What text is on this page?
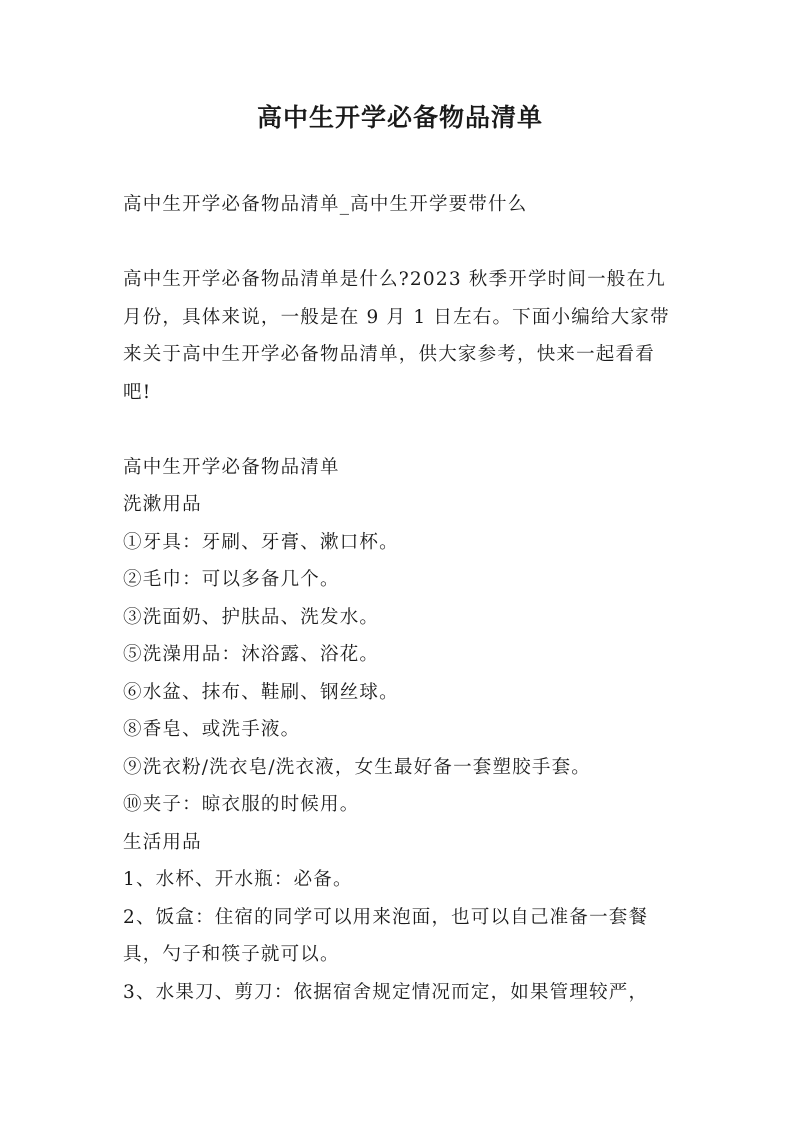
高中生开学必备物品清单

高中生开学必备物品清单_高中生开学要带什么

高中生开学必备物品清单是什么?2023 秋季开学时间一般在九月份，具体来说，一般是在 9 月 1 日左右。下面小编给大家带来关于高中生开学必备物品清单，供大家参考，快来一起看看吧!

高中生开学必备物品清单

洗漱用品

①牙具：牙刷、牙膏、漱口杯。

②毛巾：可以多备几个。

③洗面奶、护肤品、洗发水。

⑤洗澡用品：沐浴露、浴花。

⑥水盆、抹布、鞋刷、钢丝球。

⑧香皂、或洗手液。

⑨洗衣粉/洗衣皂/洗衣液，女生最好备一套塑胶手套。

⑩夹子：晾衣服的时候用。

生活用品

1、水杯、开水瓶：必备。

2、饭盒：住宿的同学可以用来泡面，也可以自己准备一套餐具，勺子和筷子就可以。

3、水果刀、剪刀：依据宿舍规定情况而定，如果管理较严，
